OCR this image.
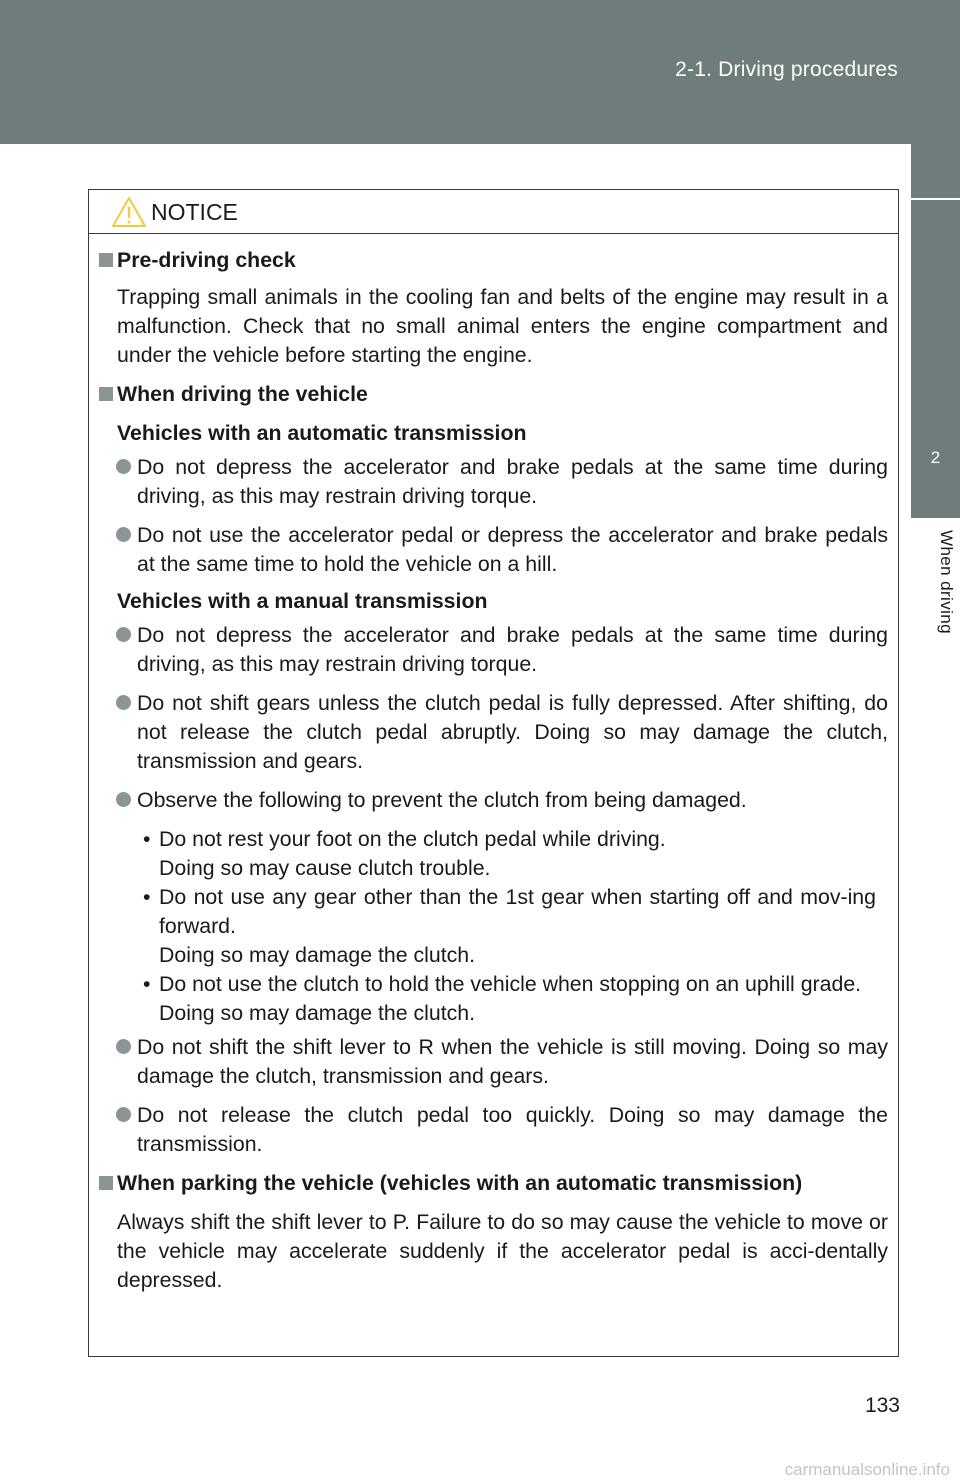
2-1. Driving procedures
2
When driving
NOTICE

Pre-driving check

Trapping small animals in the cooling fan and belts of the engine may result in a malfunction. Check that no small animal enters the engine compartment and under the vehicle before starting the engine.

When driving the vehicle

Vehicles with an automatic transmission

Do not depress the accelerator and brake pedals at the same time during driving, as this may restrain driving torque.

Do not use the accelerator pedal or depress the accelerator and brake pedals at the same time to hold the vehicle on a hill.

Vehicles with a manual transmission

Do not depress the accelerator and brake pedals at the same time during driving, as this may restrain driving torque.

Do not shift gears unless the clutch pedal is fully depressed. After shifting, do not release the clutch pedal abruptly. Doing so may damage the clutch, transmission and gears.

Observe the following to prevent the clutch from being damaged.

• Do not rest your foot on the clutch pedal while driving.
Doing so may cause clutch trouble.

• Do not use any gear other than the 1st gear when starting off and mov-ing forward.
Doing so may damage the clutch.

• Do not use the clutch to hold the vehicle when stopping on an uphill grade.
Doing so may damage the clutch.

Do not shift the shift lever to R when the vehicle is still moving. Doing so may damage the clutch, transmission and gears.

Do not release the clutch pedal too quickly. Doing so may damage the transmission.

When parking the vehicle (vehicles with an automatic transmission)

Always shift the shift lever to P. Failure to do so may cause the vehicle to move or the vehicle may accelerate suddenly if the accelerator pedal is acci-dentally depressed.

133
carmanualsonline.info
